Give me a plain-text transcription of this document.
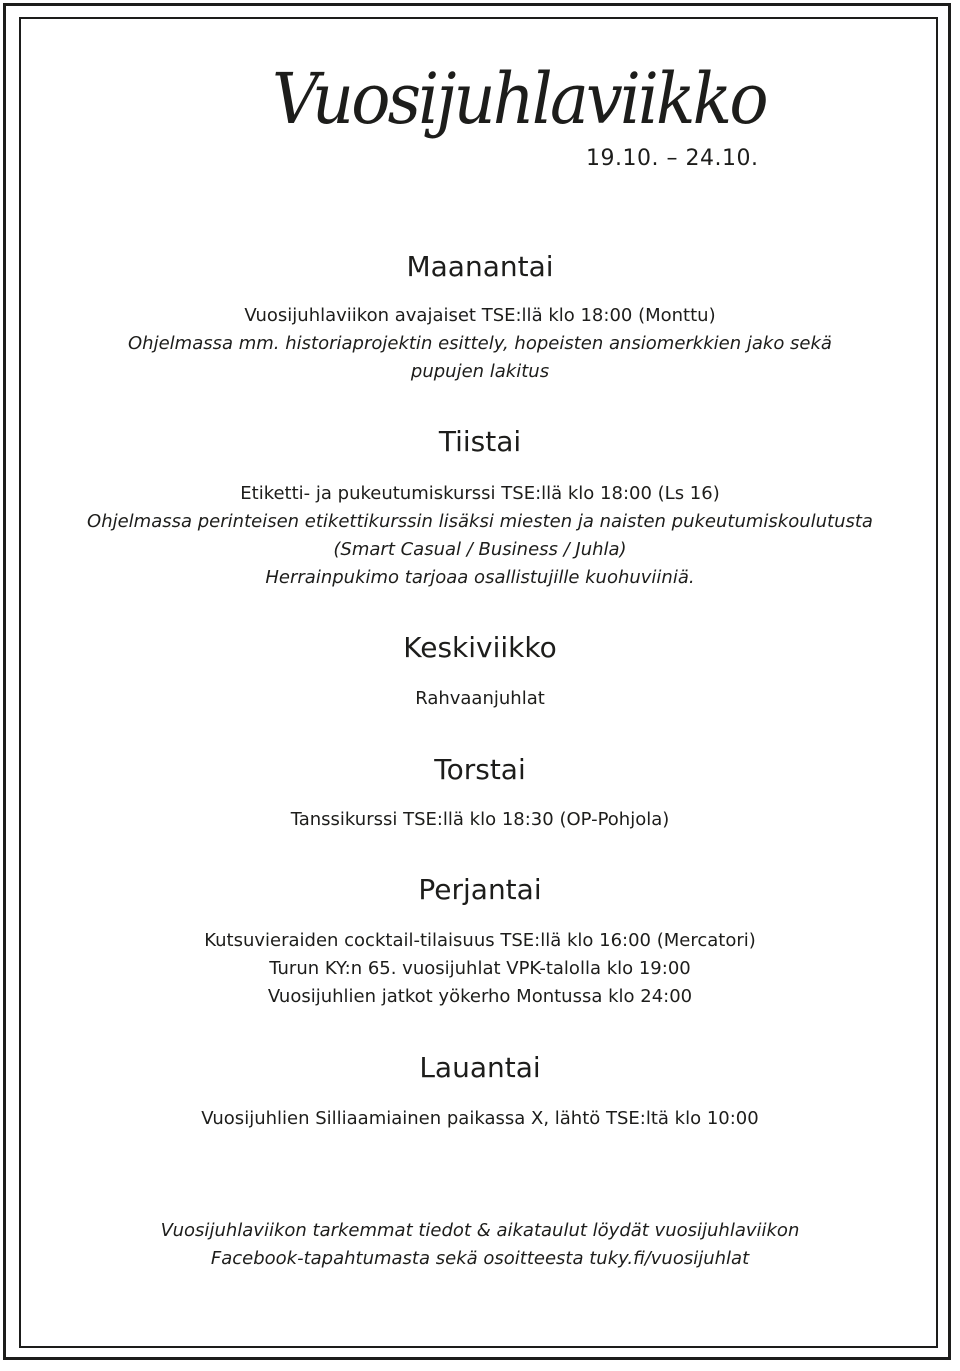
Vuosijuhlaviikko
19.10. – 24.10.
Maanantai
Vuosijuhlaviikon avajaiset TSE:llä klo 18:00 (Monttu)
Ohjelmassa mm. historiaprojektin esittely, hopeisten ansiomerkkien jako sekä
pupujen lakitus
Tiistai
Etiketti- ja pukeutumiskurssi TSE:llä klo 18:00 (Ls 16)
Ohjelmassa perinteisen etikettikurssin lisäksi miesten ja naisten pukeutumiskoulutusta
(Smart Casual / Business / Juhla)
Herrainpukimo tarjoaa osallistujille kuohuviiniä.
Keskiviikko
Rahvaanjuhlat
Torstai
Tanssikurssi TSE:llä klo 18:30 (OP-Pohjola)
Perjantai
Kutsuvieraiden cocktail-tilaisuus TSE:llä klo 16:00 (Mercatori)
Turun KY:n 65. vuosijuhlat VPK-talolla klo 19:00
Vuosijuhlien jatkot yökerho Montussa klo 24:00
Lauantai
Vuosijuhlien Silliaamiainen paikassa X, lähtö TSE:ltä klo 10:00
Vuosijuhlaviikon tarkemmat tiedot & aikataulut löydät vuosijuhlaviikon
Facebook-tapahtumasta sekä osoitteesta tuky.fi/vuosijuhlat
